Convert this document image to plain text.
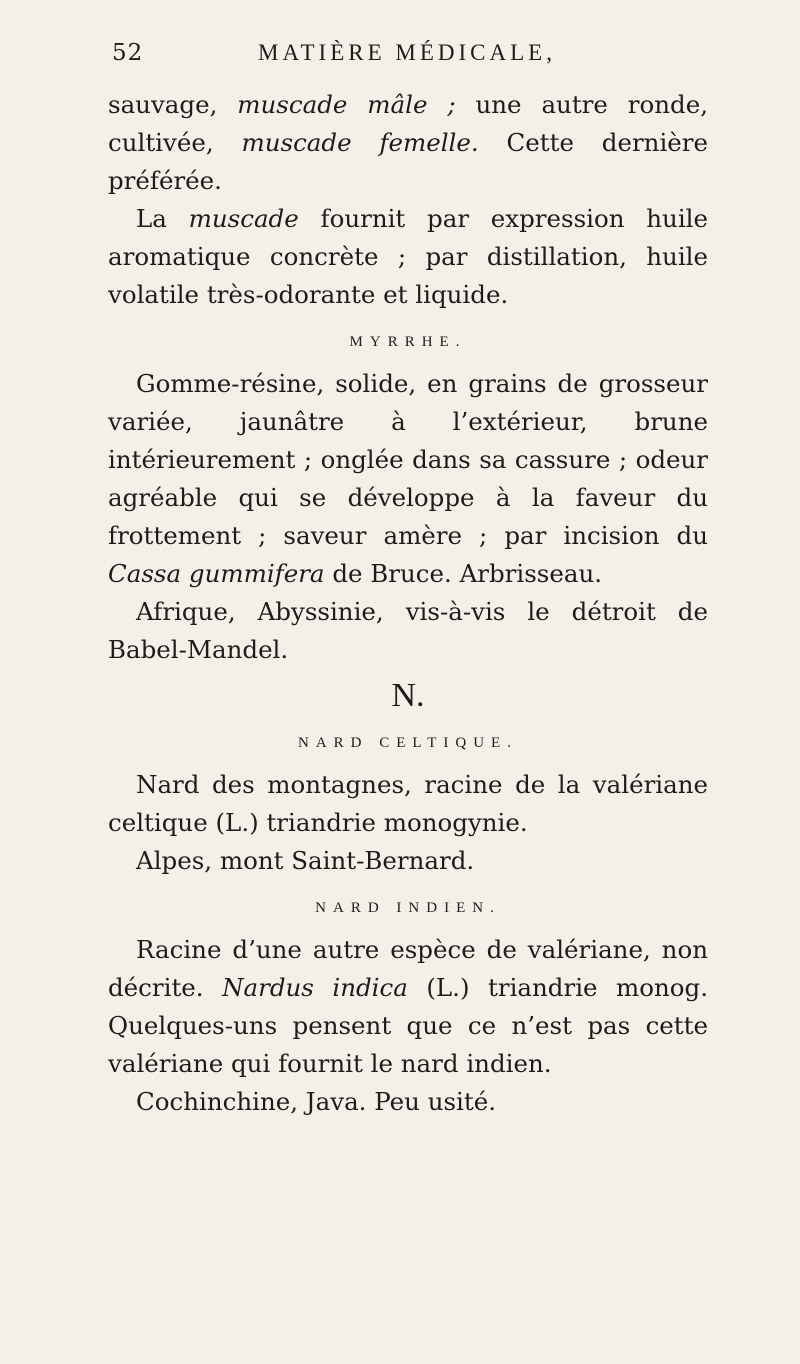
52	MATIÈRE MÉDICALE,

sauvage, muscade mâle ; une autre ronde, cultivée, muscade femelle. Cette dernière préférée.

La muscade fournit par expression huile aromatique concrète ; par distillation, huile volatile très-odorante et liquide.

MYRRHE.

Gomme-résine, solide, en grains de grosseur variée, jaunâtre à l’extérieur, brune intérieurement ; onglée dans sa cassure ; odeur agréable qui se développe à la faveur du frottement ; saveur amère ; par incision du Cassa gummifera de Bruce. Arbrisseau.

Afrique, Abyssinie, vis-à-vis le détroit de Babel-Mandel.

N.
NARD CELTIQUE.

Nard des montagnes, racine de la valériane celtique (L.) triandrie monogynie.

Alpes, mont Saint-Bernard.

NARD INDIEN.

Racine d’une autre espèce de valériane, non décrite. Nardus indica (L.) triandrie monog. Quelques-uns pensent que ce n’est pas cette valériane qui fournit le nard indien.

Cochinchine, Java. Peu usité.
